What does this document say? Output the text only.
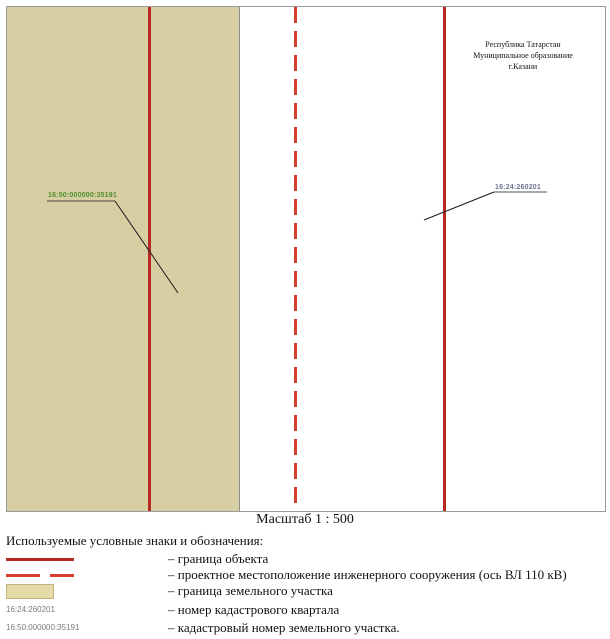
Республика Татарстан
Муниципальное образование
г.Казани
16:50:000000:35191
16:24:260201
Масштаб 1 : 500
Используемые условные знаки и обозначения:
– граница объекта
– проектное местоположение инженерного сооружения (ось ВЛ 110 кВ)
– граница земельного участка
16:24:260201	– номер кадастрового квартала
16:50:000000:35191	– кадастровый номер земельного участка.
